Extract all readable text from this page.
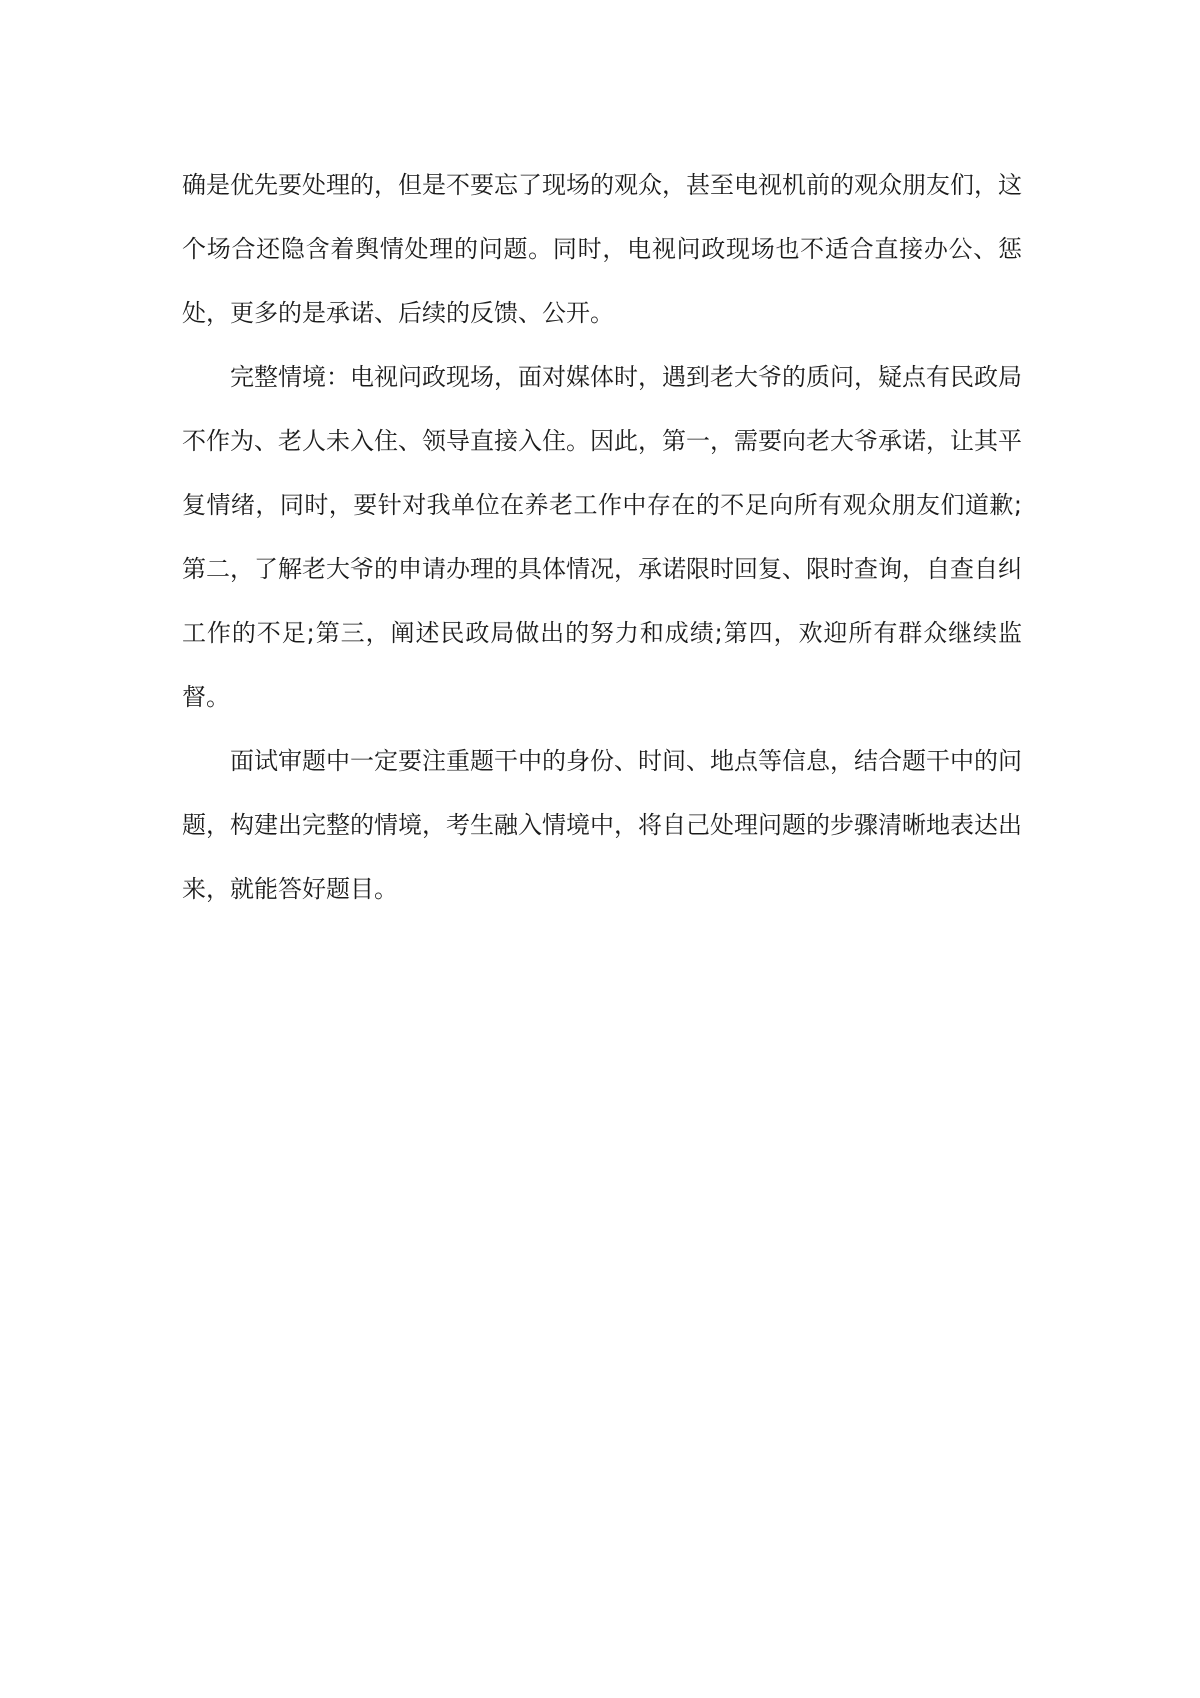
确是优先要处理的，但是不要忘了现场的观众，甚至电视机前的观众朋友们，这个场合还隐含着舆情处理的问题。同时，电视问政现场也不适合直接办公、惩处，更多的是承诺、后续的反馈、公开。

完整情境：电视问政现场，面对媒体时，遇到老大爷的质问，疑点有民政局不作为、老人未入住、领导直接入住。因此，第一，需要向老大爷承诺，让其平复情绪，同时，要针对我单位在养老工作中存在的不足向所有观众朋友们道歉;第二，了解老大爷的申请办理的具体情况，承诺限时回复、限时查询，自查自纠工作的不足;第三，阐述民政局做出的努力和成绩;第四，欢迎所有群众继续监督。

面试审题中一定要注重题干中的身份、时间、地点等信息，结合题干中的问题，构建出完整的情境，考生融入情境中，将自己处理问题的步骤清晰地表达出来，就能答好题目。
